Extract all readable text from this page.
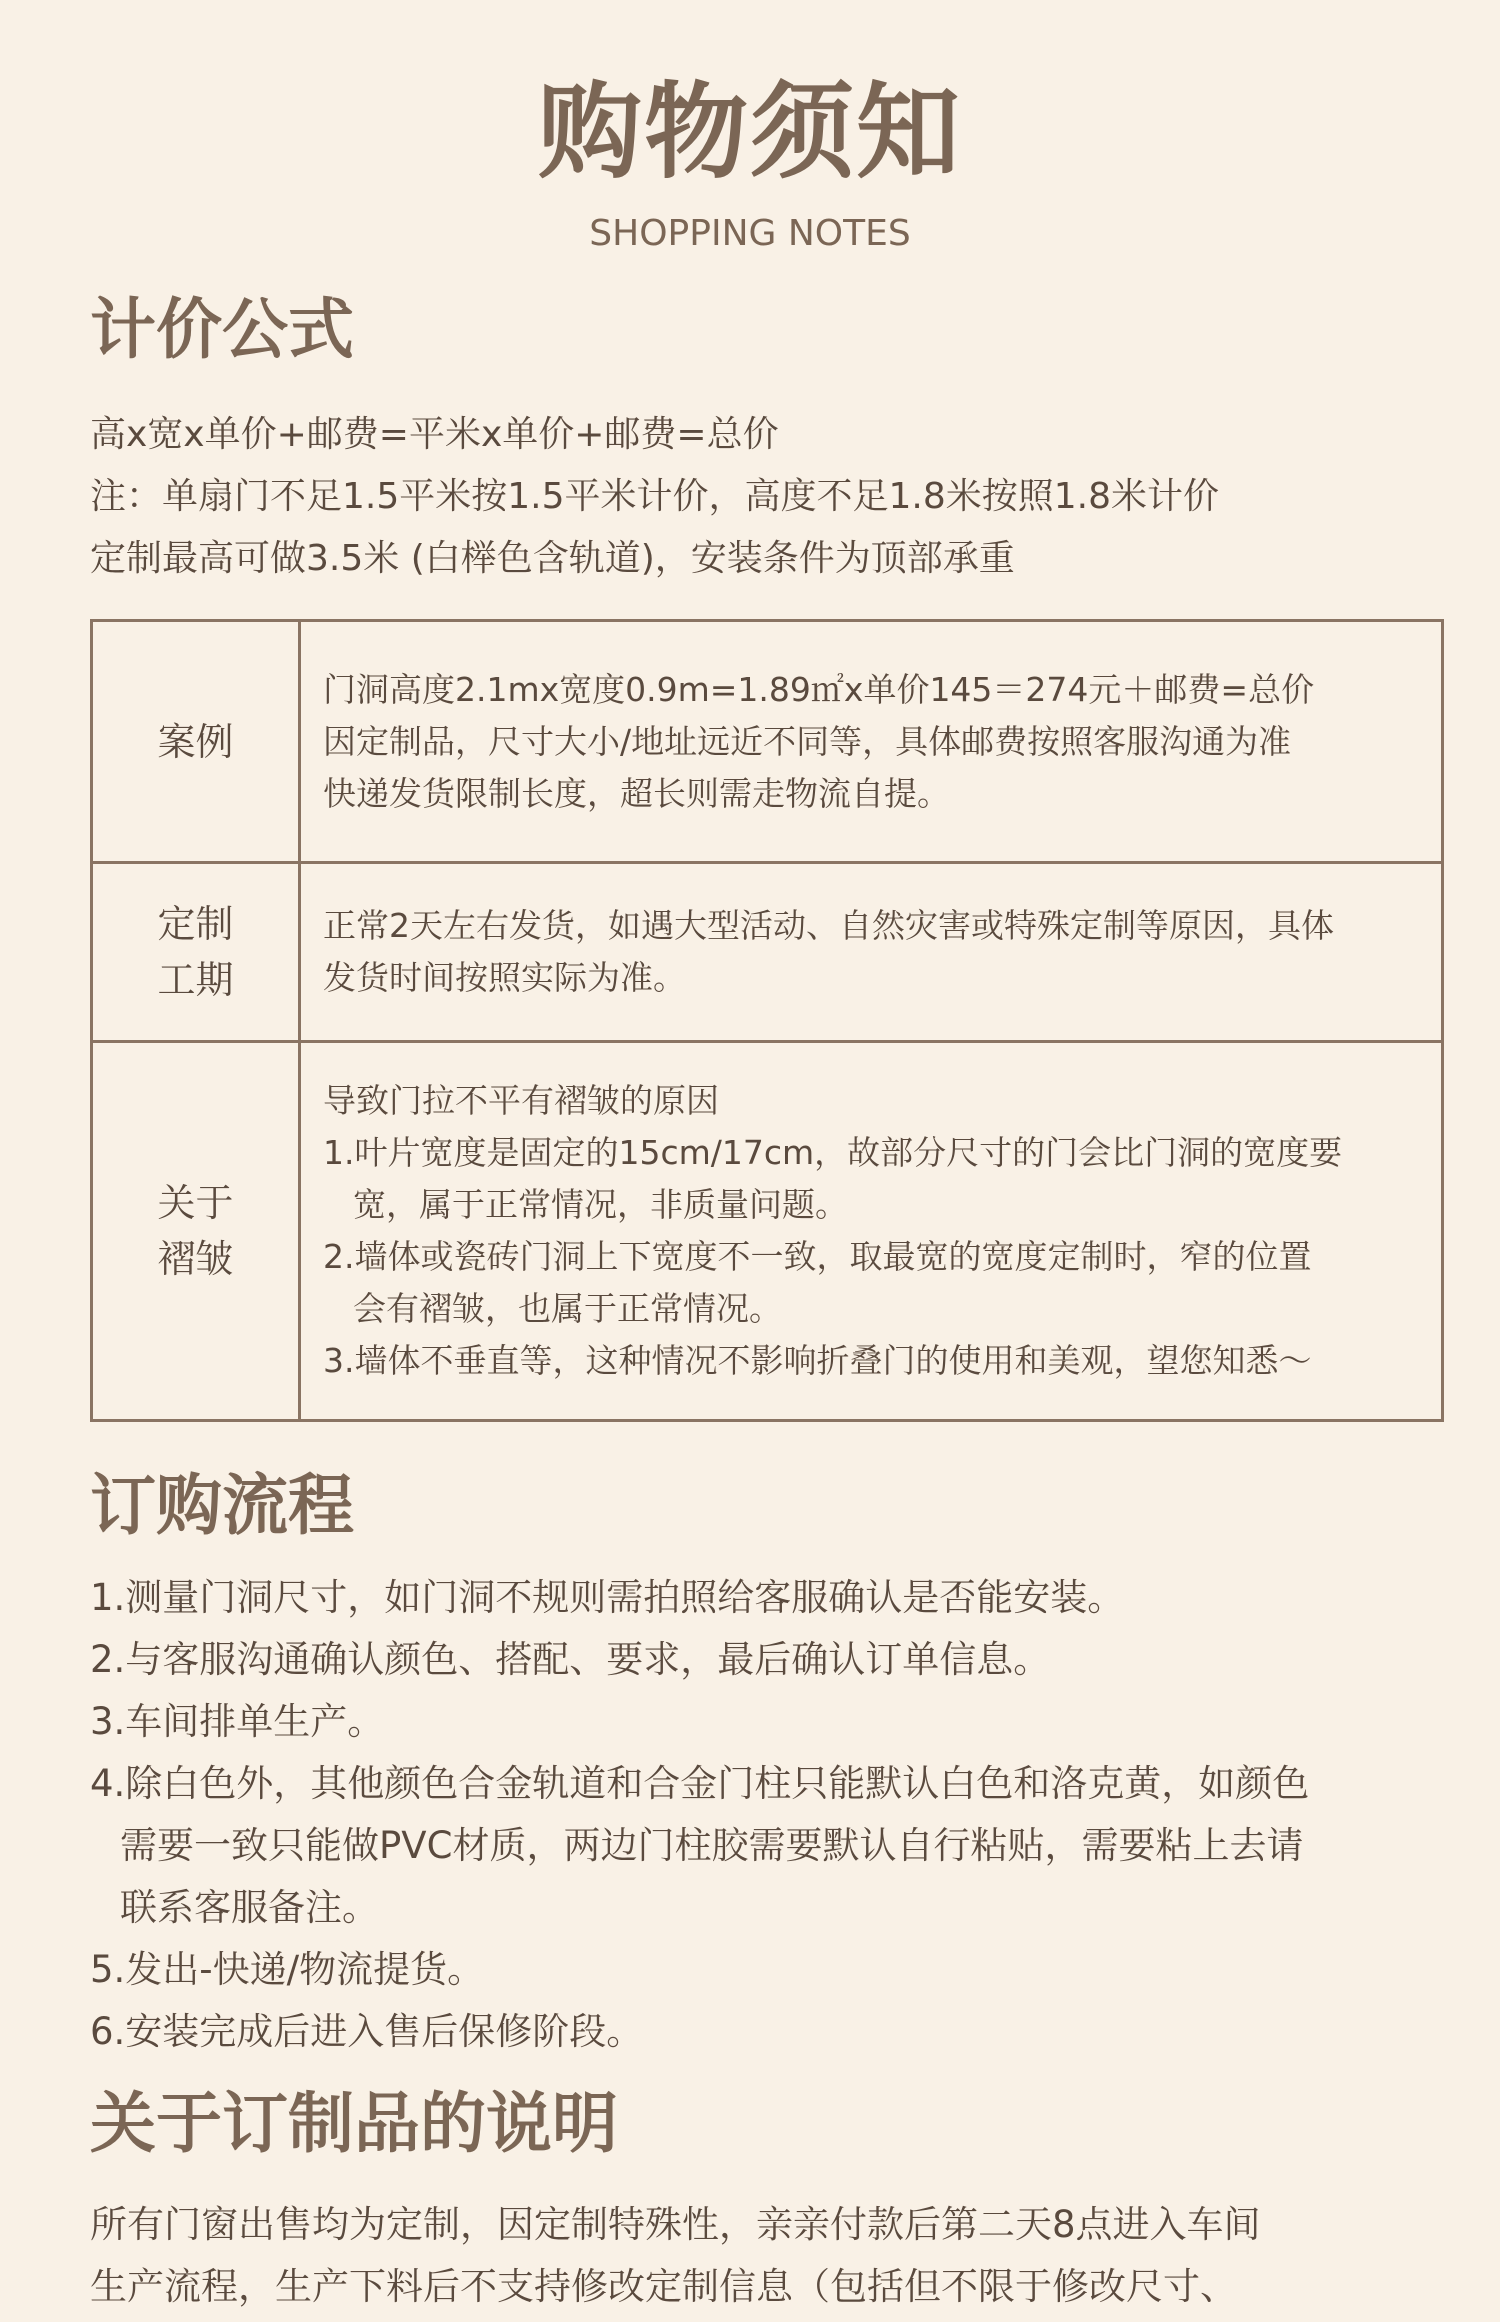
购物须知
SHOPPING NOTES
计价公式

高x宽x单价+邮费=平米x单价+邮费=总价

注：单扇门不足1.5平米按1.5平米计价，高度不足1.8米按照1.8米计价

定制最高可做3.5米 (白榉色含轨道)，安装条件为顶部承重

案例
门洞高度2.1mx宽度0.9m=1.89㎡x单价145＝274元＋邮费=总价
因定制品，尺寸大小/地址远近不同等，具体邮费按照客服沟通为准
快递发货限制长度，超长则需走物流自提。
定制
工期
正常2天左右发货，如遇大型活动、自然灾害或特殊定制等原因，具体
发货时间按照实际为准。
关于
褶皱
导致门拉不平有褶皱的原因
1.叶片宽度是固定的15cm/17cm，故部分尺寸的门会比门洞的宽度要
宽，属于正常情况，非质量问题。
2.墙体或瓷砖门洞上下宽度不一致，取最宽的宽度定制时，窄的位置
会有褶皱，也属于正常情况。
3.墙体不垂直等，这种情况不影响折叠门的使用和美观，望您知悉～
订购流程
1.测量门洞尺寸，如门洞不规则需拍照给客服确认是否能安装。
2.与客服沟通确认颜色、搭配、要求，最后确认订单信息。
3.车间排单生产。
4.除白色外，其他颜色合金轨道和合金门柱只能默认白色和洛克黄，如颜色
需要一致只能做PVC材质，两边门柱胶需要默认自行粘贴，需要粘上去请
联系客服备注。
5.发出-快递/物流提货。
6.安装完成后进入售后保修阶段。
关于订制品的说明

所有门窗出售均为定制，因定制特殊性，亲亲付款后第二天8点进入车间

生产流程，生产下料后不支持修改定制信息（包括但不限于修改尺寸、
